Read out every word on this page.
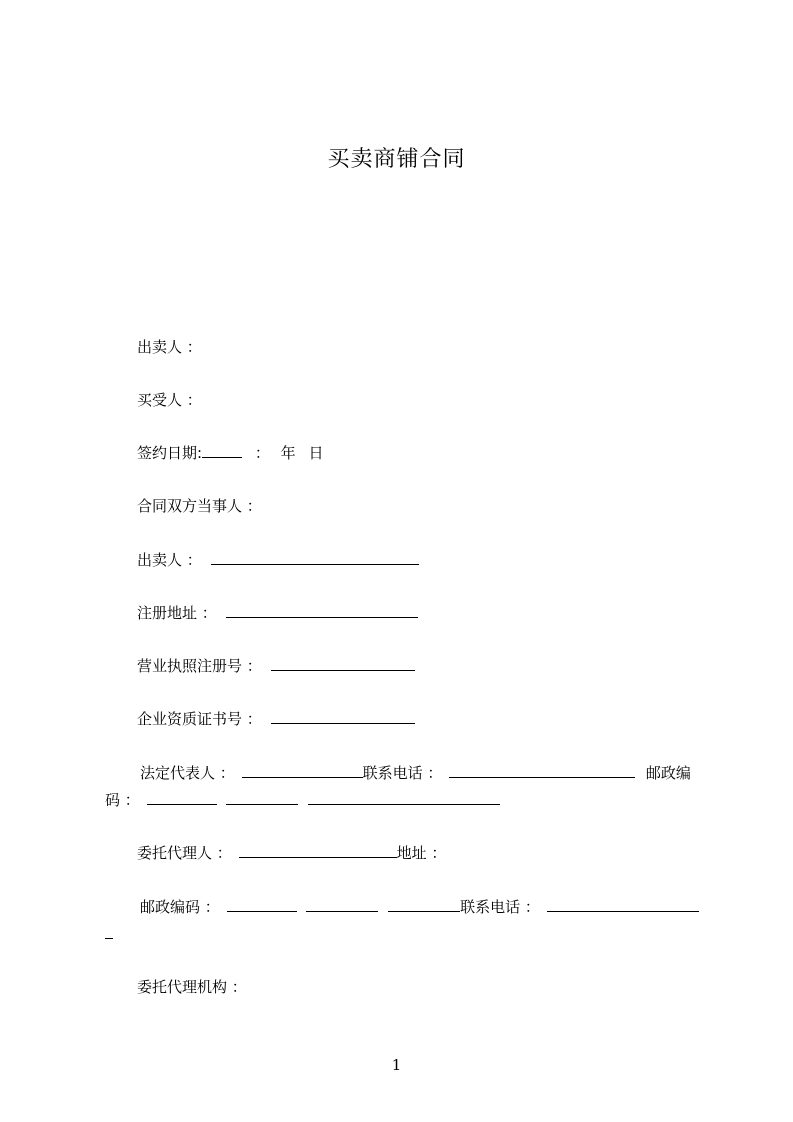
买卖商铺合同
出卖人 ：
买受人 ：
签约日期:	： 年 日
合同双方当事人 ：
出卖人 ：
注册地址 ：
营业执照注册号 ：
企业资质证书号 ：
法定代表人 ：	联系电话 ：	邮政编
码 ：
委托代理人 ：	地址 ：
邮政编码 ：	联系电话 ：
委托代理机构 ：
1
